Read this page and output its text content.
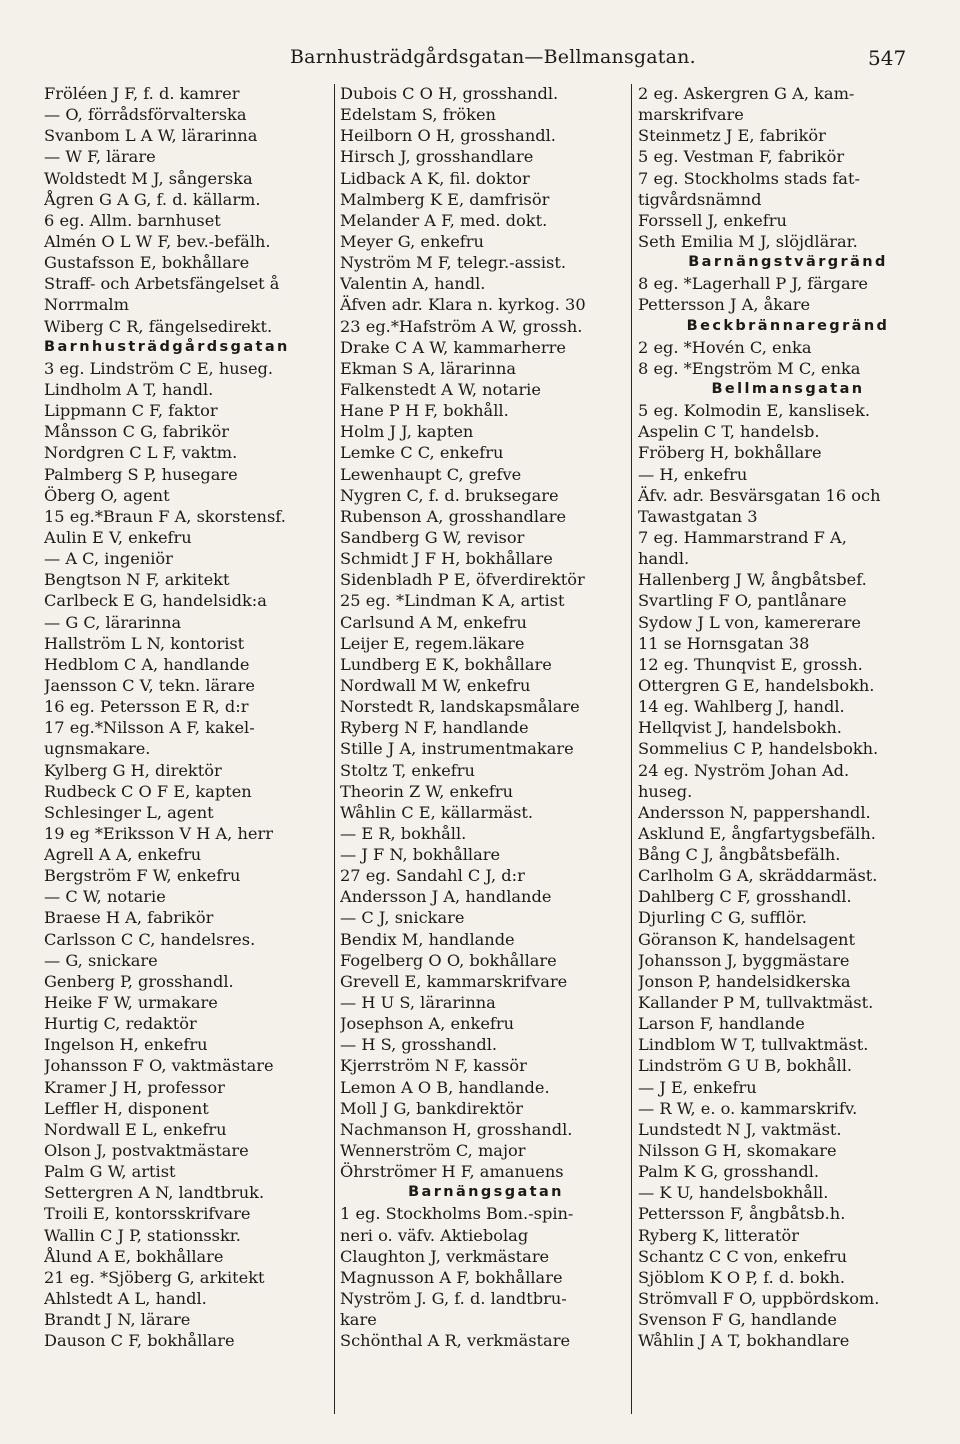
Barnhusträdgårdsgatan—Bellmansgatan.	547
Fröléen J F, f. d. kamrer
— O, förrådsförvalterska
Svanbom L A W, lärarinna
— W F, lärare
Woldstedt M J, sångerska
Ågren G A G, f. d. källarm.
6 eg. Allm. barnhuset
Almén O L W F, bev.-befälh.
Gustafsson E, bokhållare
Straff- och Arbetsfängelset å
Norrmalm
Wiberg C R, fängelsedirekt.
Barnhusträdgårdsgatan
3 eg. Lindström C E, huseg.
Lindholm A T, handl.
Lippmann C F, faktor
Månsson C G, fabrikör
Nordgren C L F, vaktm.
Palmberg S P, husegare
Öberg O, agent
15 eg.*Braun F A, skorstensf.
Aulin E V, enkefru
— A C, ingeniör
Bengtson N F, arkitekt
Carlbeck E G, handelsidk:a
— G C, lärarinna
Hallström L N, kontorist
Hedblom C A, handlande
Jaensson C V, tekn. lärare
16 eg. Petersson E R, d:r
17 eg.*Nilsson A F, kakel-
ugnsmakare.
Kylberg G H, direktör
Rudbeck C O F E, kapten
Schlesinger L, agent
19 eg *Eriksson V H A, herr
Agrell A A, enkefru
Bergström F W, enkefru
— C W, notarie
Braese H A, fabrikör
Carlsson C C, handelsres.
— G, snickare
Genberg P, grosshandl.
Heike F W, urmakare
Hurtig C, redaktör
Ingelson H, enkefru
Johansson F O, vaktmästare
Kramer J H, professor
Leffler H, disponent
Nordwall E L, enkefru
Olson J, postvaktmästare
Palm G W, artist
Settergren A N, landtbruk.
Troili E, kontorsskrifvare
Wallin C J P, stationsskr.
Ålund A E, bokhållare
21 eg. *Sjöberg G, arkitekt
Ahlstedt A L, handl.
Brandt J N, lärare
Dauson C F, bokhållare
Dubois C O H, grosshandl.
Edelstam S, fröken
Heilborn O H, grosshandl.
Hirsch J, grosshandlare
Lidback A K, fil. doktor
Malmberg K E, damfrisör
Melander A F, med. dokt.
Meyer G, enkefru
Nyström M F, telegr.-assist.
Valentin A, handl.
Äfven adr. Klara n. kyrkog. 30
23 eg.*Hafström A W, grossh.
Drake C A W, kammarherre
Ekman S A, lärarinna
Falkenstedt A W, notarie
Hane P H F, bokhåll.
Holm J J, kapten
Lemke C C, enkefru
Lewenhaupt C, grefve
Nygren C, f. d. bruksegare
Rubenson A, grosshandlare
Sandberg G W, revisor
Schmidt J F H, bokhållare
Sidenbladh P E, öfverdirektör
25 eg. *Lindman K A, artist
Carlsund A M, enkefru
Leijer E, regem.läkare
Lundberg E K, bokhållare
Nordwall M W, enkefru
Norstedt R, landskapsmålare
Ryberg N F, handlande
Stille J A, instrumentmakare
Stoltz T, enkefru
Theorin Z W, enkefru
Wåhlin C E, källarmäst.
— E R, bokhåll.
— J F N, bokhållare
27 eg. Sandahl C J, d:r
Andersson J A, handlande
— C J, snickare
Bendix M, handlande
Fogelberg O O, bokhållare
Grevell E, kammarskrifvare
— H U S, lärarinna
Josephson A, enkefru
— H S, grosshandl.
Kjerrström N F, kassör
Lemon A O B, handlande.
Moll J G, bankdirektör
Nachmanson H, grosshandl.
Wennerström C, major
Öhrströmer H F, amanuens
Barnängsgatan
1 eg. Stockholms Bom.-spin-
neri o. väfv. Aktiebolag
Claughton J, verkmästare
Magnusson A F, bokhållare
Nyström J. G, f. d. landtbru-
kare
Schönthal A R, verkmästare
2 eg. Askergren G A, kam-
marskrifvare
Steinmetz J E, fabrikör
5 eg. Vestman F, fabrikör
7 eg. Stockholms stads fat-
tigvårdsnämnd
Forssell J, enkefru
Seth Emilia M J, slöjdlärar.
Barnängstvärgränd
8 eg. *Lagerhall P J, färgare
Pettersson J A, åkare
Beckbrännaregränd
2 eg. *Hovén C, enka
8 eg. *Engström M C, enka
Bellmansgatan
5 eg. Kolmodin E, kanslisek.
Aspelin C T, handelsb.
Fröberg H, bokhållare
— H, enkefru
Äfv. adr. Besvärsgatan 16 och
Tawastgatan 3
7 eg. Hammarstrand F A,
handl.
Hallenberg J W, ångbåtsbef.
Svartling F O, pantlånare
Sydow J L von, kamererare
11 se Hornsgatan 38
12 eg. Thunqvist E, grossh.
Ottergren G E, handelsbokh.
14 eg. Wahlberg J, handl.
Hellqvist J, handelsbokh.
Sommelius C P, handelsbokh.
24 eg. Nyström Johan Ad.
huseg.
Andersson N, pappershandl.
Asklund E, ångfartygsbefälh.
Bång C J, ångbåtsbefälh.
Carlholm G A, skräddarmäst.
Dahlberg C F, grosshandl.
Djurling C G, sufflör.
Göranson K, handelsagent
Johansson J, byggmästare
Jonson P, handelsidkerska
Kallander P M, tullvaktmäst.
Larson F, handlande
Lindblom W T, tullvaktmäst.
Lindström G U B, bokhåll.
— J E, enkefru
— R W, e. o. kammarskrifv.
Lundstedt N J, vaktmäst.
Nilsson G H, skomakare
Palm K G, grosshandl.
— K U, handelsbokhåll.
Pettersson F, ångbåtsb.h.
Ryberg K, litteratör
Schantz C C von, enkefru
Sjöblom K O P, f. d. bokh.
Strömvall F O, uppbördskom.
Svenson F G, handlande
Wåhlin J A T, bokhandlare
